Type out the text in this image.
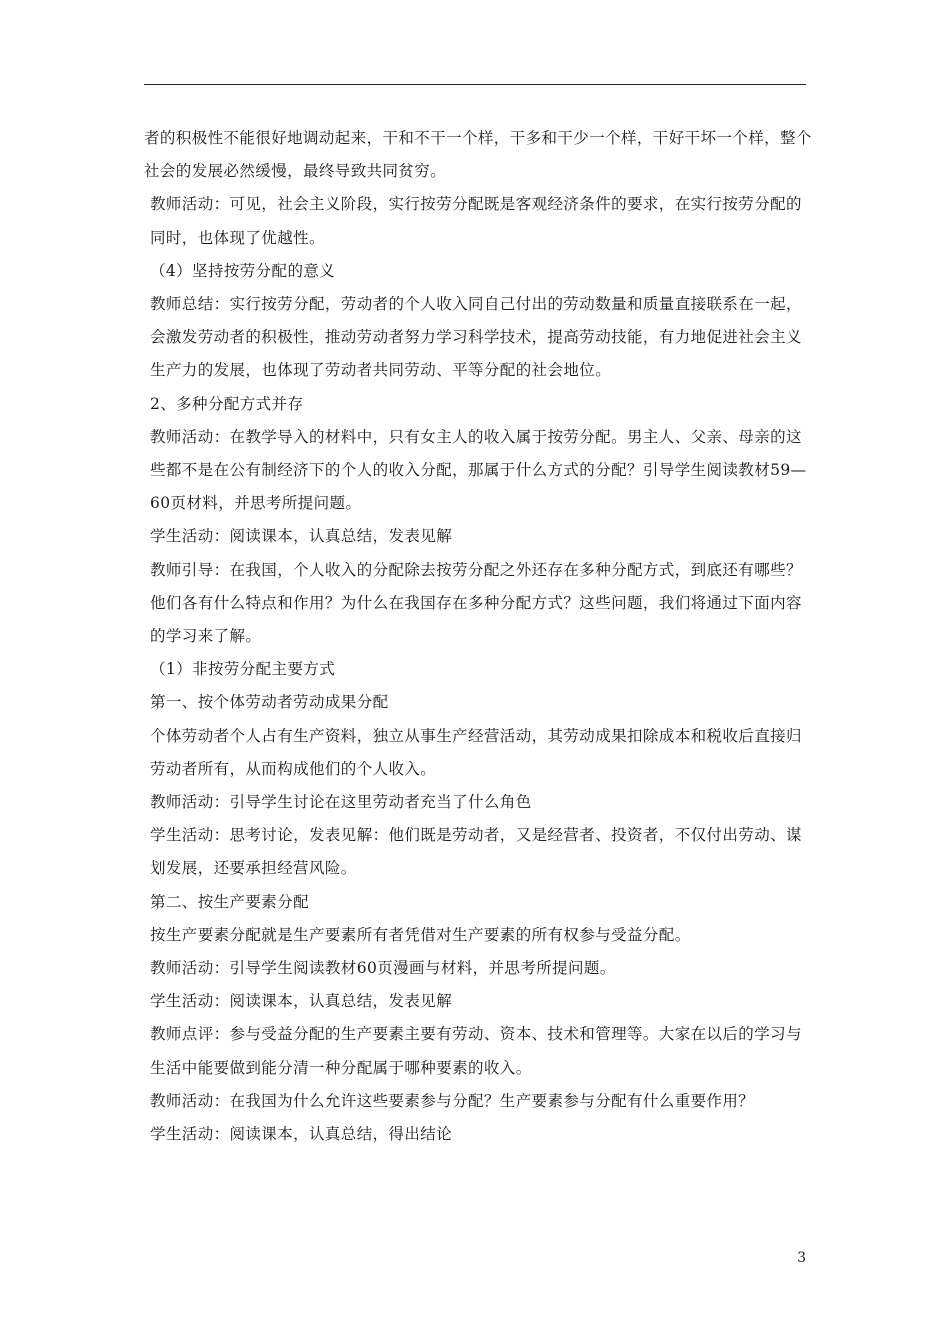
者的积极性不能很好地调动起来，干和不干一个样，干多和干少一个样，干好干坏一个样，整个社会的发展必然缓慢，最终导致共同贫穷。

教师活动：可见，社会主义阶段，实行按劳分配既是客观经济条件的要求，在实行按劳分配的同时，也体现了优越性。

（4）坚持按劳分配的意义

教师总结：实行按劳分配，劳动者的个人收入同自己付出的劳动数量和质量直接联系在一起，会激发劳动者的积极性，推动劳动者努力学习科学技术，提高劳动技能，有力地促进社会主义生产力的发展，也体现了劳动者共同劳动、平等分配的社会地位。

2、多种分配方式并存

教师活动：在教学导入的材料中，只有女主人的收入属于按劳分配。男主人、父亲、母亲的这些都不是在公有制经济下的个人的收入分配，那属于什么方式的分配？引导学生阅读教材59—60页材料，并思考所提问题。

学生活动：阅读课本，认真总结，发表见解

教师引导：在我国，个人收入的分配除去按劳分配之外还存在多种分配方式，到底还有哪些？他们各有什么特点和作用？为什么在我国存在多种分配方式？这些问题，我们将通过下面内容的学习来了解。

（1）非按劳分配主要方式

第一、按个体劳动者劳动成果分配

个体劳动者个人占有生产资料，独立从事生产经营活动，其劳动成果扣除成本和税收后直接归劳动者所有，从而构成他们的个人收入。

教师活动：引导学生讨论在这里劳动者充当了什么角色

学生活动：思考讨论，发表见解：他们既是劳动者，又是经营者、投资者，不仅付出劳动、谋划发展，还要承担经营风险。

第二、按生产要素分配

按生产要素分配就是生产要素所有者凭借对生产要素的所有权参与受益分配。

教师活动：引导学生阅读教材60页漫画与材料，并思考所提问题。

学生活动：阅读课本，认真总结，发表见解

教师点评：参与受益分配的生产要素主要有劳动、资本、技术和管理等。大家在以后的学习与生活中能要做到能分清一种分配属于哪种要素的收入。

教师活动：在我国为什么允许这些要素参与分配？生产要素参与分配有什么重要作用？

学生活动：阅读课本，认真总结，得出结论

3
